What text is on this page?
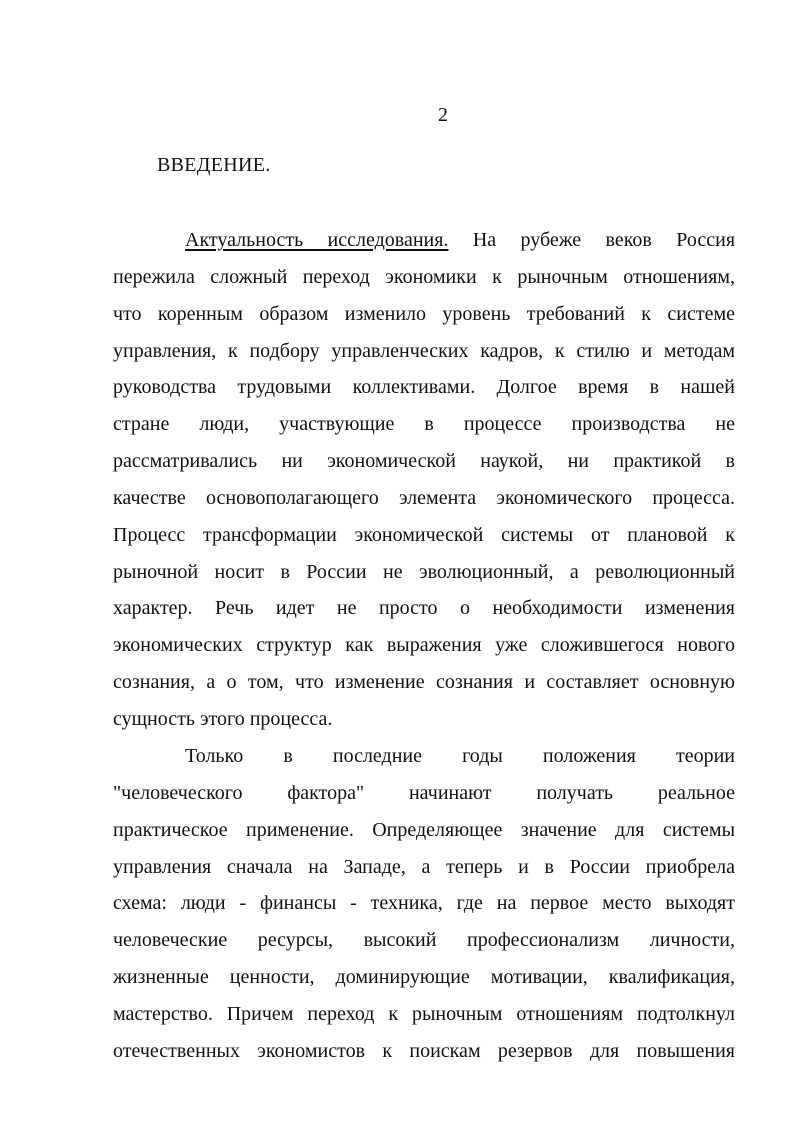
2
ВВЕДЕНИЕ.
Актуальность исследования. На рубеже веков Россия
пережила сложный переход экономики к рыночным отношениям,
что коренным образом изменило уровень требований к системе
управления, к подбору управленческих кадров, к стилю и методам
руководства трудовыми коллективами. Долгое время в нашей
стране люди, участвующие в процессе производства не
рассматривались ни экономической наукой, ни практикой в
качестве основополагающего элемента экономического процесса.
Процесс трансформации экономической системы от плановой к
рыночной носит в России не эволюционный, а революционный
характер. Речь идет не просто о необходимости изменения
экономических структур как выражения уже сложившегося нового
сознания, а о том, что изменение сознания и составляет основную
сущность этого процесса.
Только в последние годы положения теории
"человеческого фактора" начинают получать реальное
практическое применение. Определяющее значение для системы
управления сначала на Западе, а теперь и в России приобрела
схема: люди - финансы - техника, где на первое место выходят
человеческие ресурсы, высокий профессионализм личности,
жизненные ценности, доминирующие мотивации, квалификация,
мастерство. Причем переход к рыночным отношениям подтолкнул
отечественных экономистов к поискам резервов для повышения
